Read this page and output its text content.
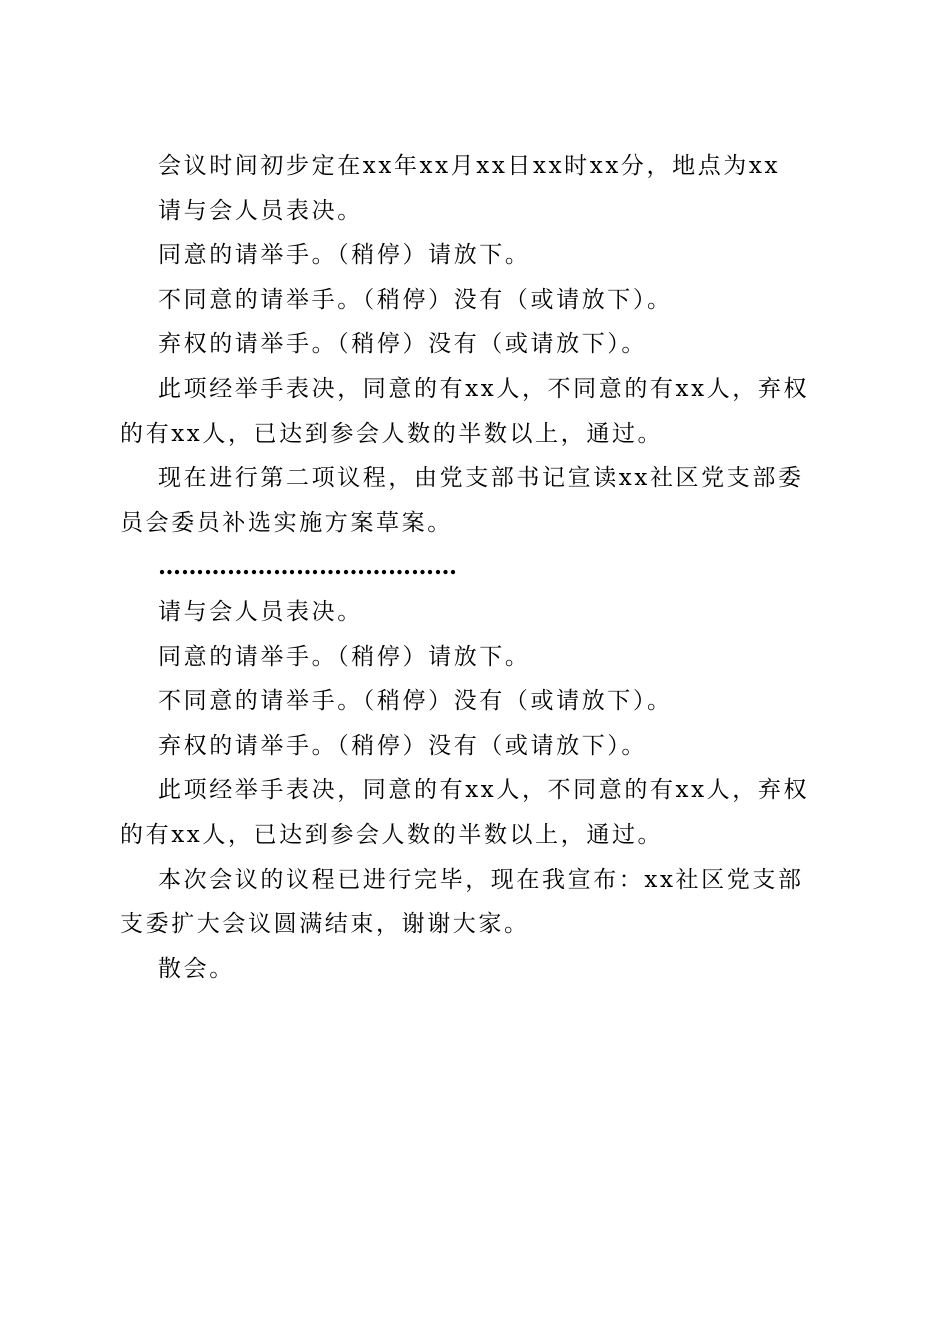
会议时间初步定在xx年xx月xx日xx时xx分，地点为xx

请与会人员表决。

同意的请举手。（稍停）请放下。

不同意的请举手。（稍停）没有（或请放下）。

弃权的请举手。（稍停）没有（或请放下）。

此项经举手表决，同意的有xx人，不同意的有xx人，弃权的有xx人，已达到参会人数的半数以上，通过。

现在进行第二项议程，由党支部书记宣读xx社区党支部委员会委员补选实施方案草案。

…………………………………

请与会人员表决。

同意的请举手。（稍停）请放下。

不同意的请举手。（稍停）没有（或请放下）。

弃权的请举手。（稍停）没有（或请放下）。

此项经举手表决，同意的有xx人，不同意的有xx人，弃权的有xx人，已达到参会人数的半数以上，通过。

本次会议的议程已进行完毕，现在我宣布：xx社区党支部支委扩大会议圆满结束，谢谢大家。

散会。
